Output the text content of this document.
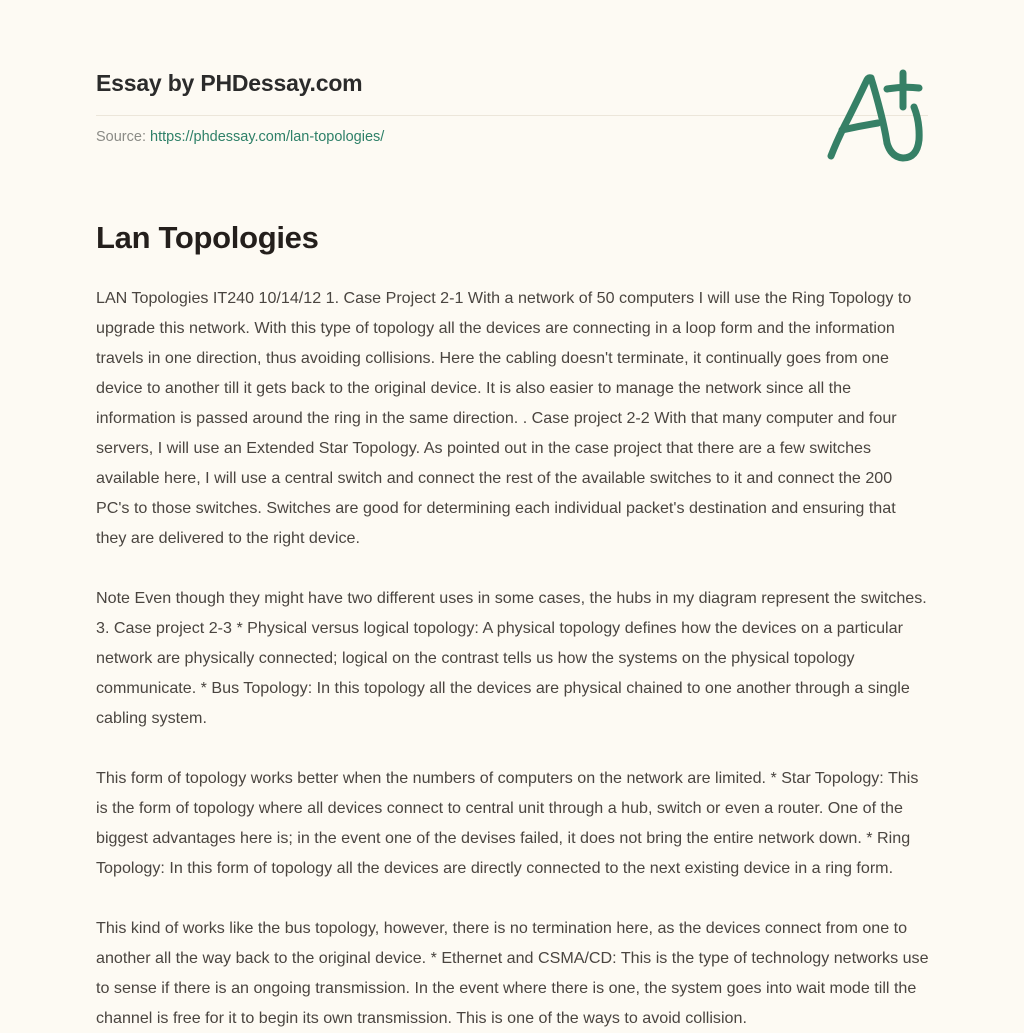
Essay by PHDessay.com
Source: https://phdessay.com/lan-topologies/
Lan Topologies

LAN Topologies IT240 10/14/12 1. Case Project 2-1 With a network of 50 computers I will use the Ring Topology to upgrade this network. With this type of topology all the devices are connecting in a loop form and the information travels in one direction, thus avoiding collisions. Here the cabling doesn't terminate, it continually goes from one device to another till it gets back to the original device. It is also easier to manage the network since all the information is passed around the ring in the same direction. . Case project 2-2 With that many computer and four servers, I will use an Extended Star Topology. As pointed out in the case project that there are a few switches available here, I will use a central switch and connect the rest of the available switches to it and connect the 200 PC's to those switches. Switches are good for determining each individual packet's destination and ensuring that they are delivered to the right device.

Note Even though they might have two different uses in some cases, the hubs in my diagram represent the switches. 3. Case project 2-3 * Physical versus logical topology: A physical topology defines how the devices on a particular network are physically connected; logical on the contrast tells us how the systems on the physical topology communicate. * Bus Topology: In this topology all the devices are physical chained to one another through a single cabling system.

This form of topology works better when the numbers of computers on the network are limited. * Star Topology: This is the form of topology where all devices connect to central unit through a hub, switch or even a router. One of the biggest advantages here is; in the event one of the devises failed, it does not bring the entire network down. * Ring Topology: In this form of topology all the devices are directly connected to the next existing device in a ring form.

This kind of works like the bus topology, however, there is no termination here, as the devices connect from one to another all the way back to the original device. * Ethernet and CSMA/CD: This is the type of technology networks use to sense if there is an ongoing transmission. In the event where there is one, the system goes into wait mode till the channel is free for it to begin its own transmission. This is one of the ways to avoid collision.
